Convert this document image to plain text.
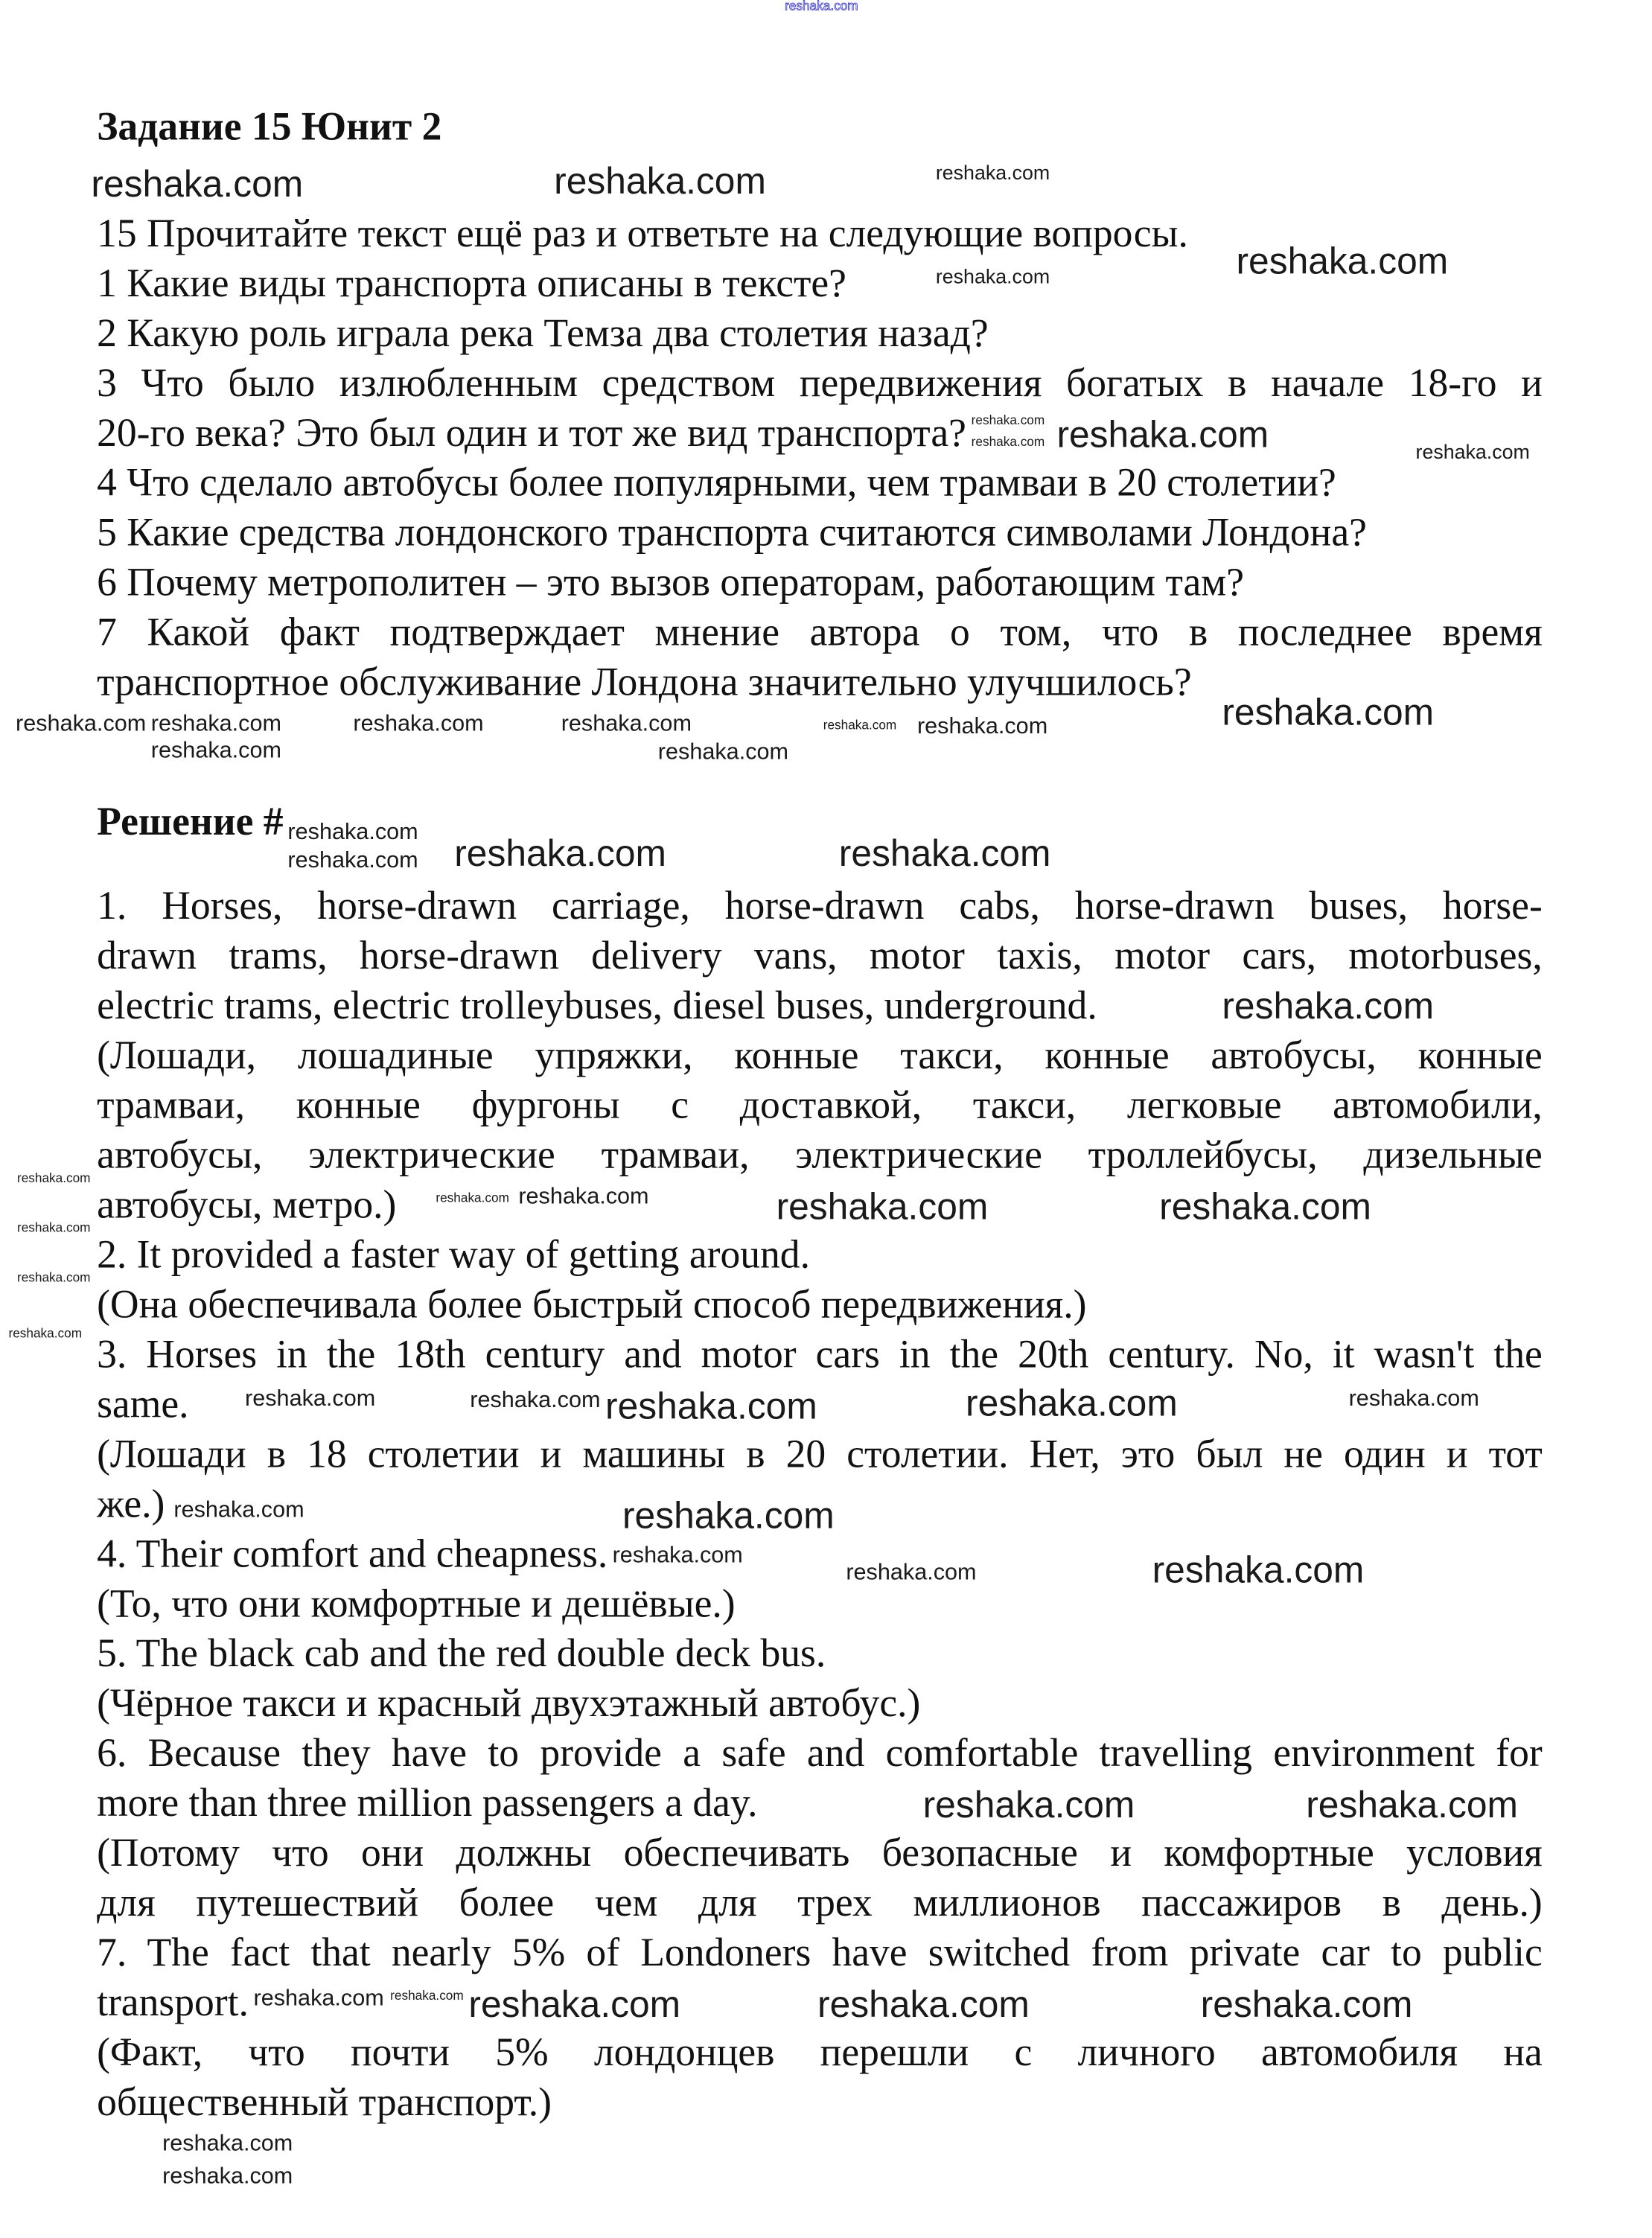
reshaka.com
Задание 15 Юнит 2
15 Прочитайте текст ещё раз и ответьте на следующие вопросы.
1 Какие виды транспорта описаны в тексте?
2 Какую роль играла река Темза два столетия назад?
3 Что было излюбленным средством передвижения богатых в начале 18-го и
20-го века? Это был один и тот же вид транспорта?
4 Что сделало автобусы более популярными, чем трамваи в 20 столетии?
5 Какие средства лондонского транспорта считаются символами Лондона?
6 Почему метрополитен – это вызов операторам, работающим там?
7 Какой факт подтверждает мнение автора о том, что в последнее время
транспортное обслуживание Лондона значительно улучшилось?
Решение #
1. Horses, horse-drawn carriage, horse-drawn cabs, horse-drawn buses, horse-
drawn trams, horse-drawn delivery vans, motor taxis, motor cars, motorbuses,
electric trams, electric trolleybuses, diesel buses, underground.
(Лошади, лошадиные упряжки, конные такси, конные автобусы, конные
трамваи, конные фургоны с доставкой, такси, легковые автомобили,
автобусы, электрические трамваи, электрические троллейбусы, дизельные
автобусы, метро.)
2. It provided a faster way of getting around.
(Она обеспечивала более быстрый способ передвижения.)
3. Horses in the 18th century and motor cars in the 20th century. No, it wasn't the
same.
(Лошади в 18 столетии и машины в 20 столетии. Нет, это был не один и тот
же.)
4. Their comfort and cheapness.
(То, что они комфортные и дешёвые.)
5. The black cab and the red double deck bus.
(Чёрное такси и красный двухэтажный автобус.)
6. Because they have to provide a safe and comfortable travelling environment for
more than three million passengers a day.
(Потому что они должны обеспечивать безопасные и комфортные условия
для путешествий более чем для трех миллионов пассажиров в день.)
7. The fact that nearly 5% of Londoners have switched from private car to public
transport.
(Факт, что почти 5% лондонцев перешли с личного автомобиля на
общественный транспорт.)
reshaka.com
reshaka.com	reshaka.com
reshaka.com	reshaka.com
reshaka.com reshaka.com	reshaka.com
reshaka.com	reshaka.com
reshaka.com
reshaka.com
reshaka.com	reshaka.com
reshaka.com
reshaka.com	reshaka.com
reshaka.com
reshaka.com reshaka.com	reshaka.com
reshaka.com
reshaka.com
reshaka.com
reshaka.com
reshaka.com	reshaka.com	reshaka.com
reshaka.com
reshaka.com
reshaka.com
reshaka.com
reshaka.com
reshaka.com	reshaka.com	reshaka.com
reshaka.com
reshaka.com	reshaka.com
reshaka.com
reshaka.com
reshaka.com
reshaka.com	reshaka.com
reshaka.com
reshaka.com
reshaka.com	reshaka.com	reshaka.com
reshaka.com
